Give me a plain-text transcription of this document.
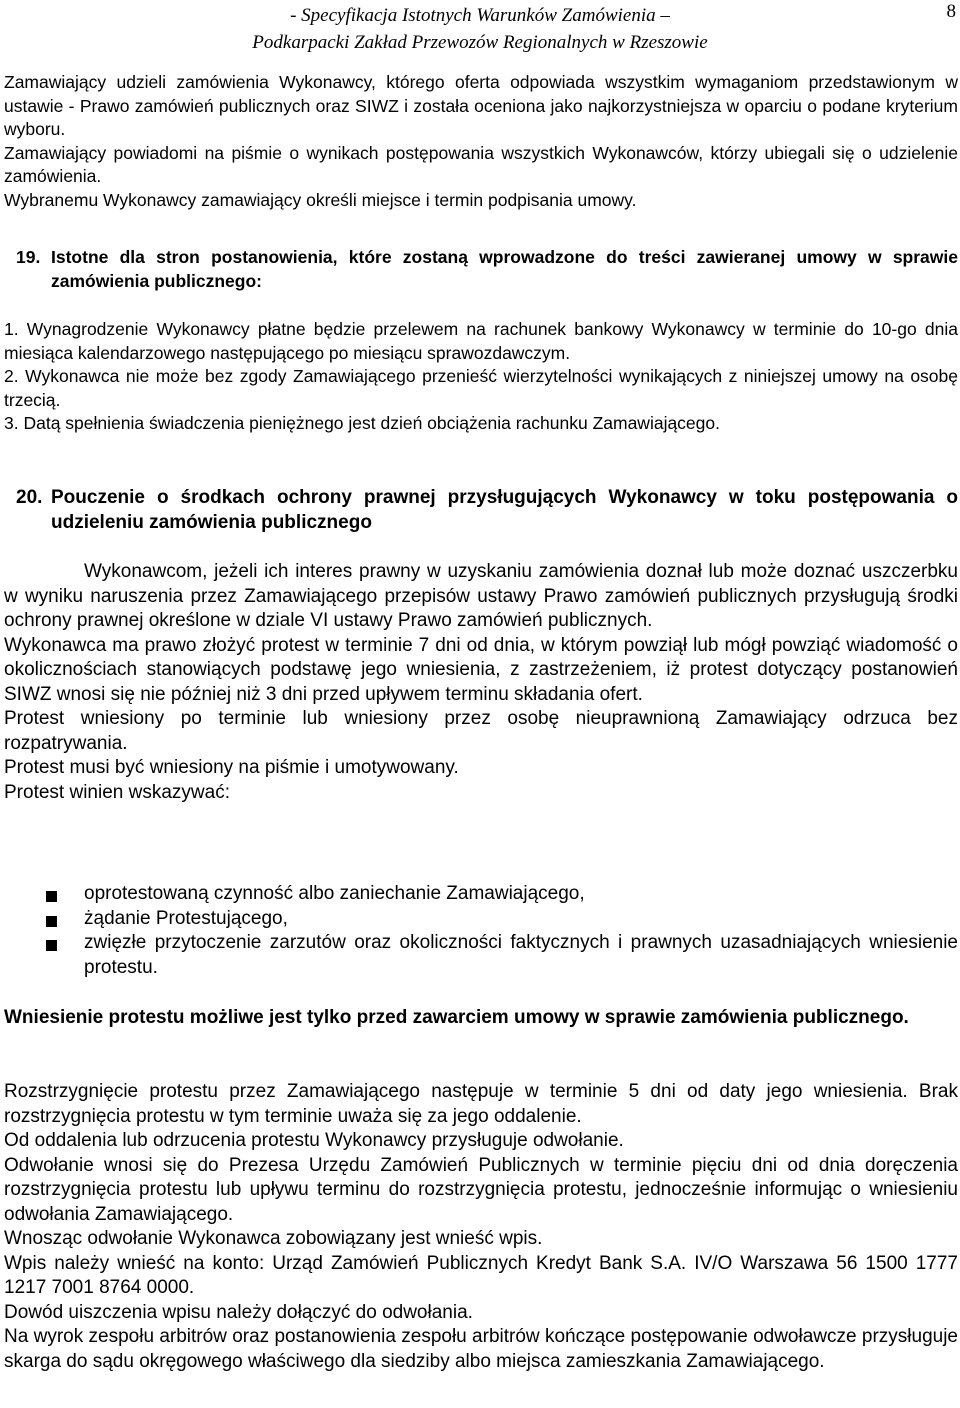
- Specyfikacja Istotnych Warunków Zamówienia –
Podkarpacki Zakład Przewozów Regionalnych w Rzeszowie
8

Zamawiający udzieli zamówienia Wykonawcy, którego oferta odpowiada wszystkim wymaganiom przedstawionym w ustawie - Prawo zamówień publicznych oraz SIWZ i została oceniona jako najkorzystniejsza w oparciu o podane kryterium wyboru.

Zamawiający powiadomi na piśmie o wynikach postępowania wszystkich Wykonawców, którzy ubiegali się o udzielenie zamówienia.

Wybranemu Wykonawcy zamawiający określi miejsce i termin podpisania umowy.

19. Istotne dla stron postanowienia, które zostaną wprowadzone do treści zawieranej umowy w sprawie zamówienia publicznego:

1. Wynagrodzenie Wykonawcy płatne będzie przelewem na rachunek bankowy Wykonawcy w terminie do 10-go dnia miesiąca kalendarzowego następującego po miesiącu sprawozdawczym.

2. Wykonawca nie może bez zgody Zamawiającego przenieść wierzytelności wynikających z niniejszej umowy na osobę trzecią.

3. Datą spełnienia świadczenia pieniężnego jest dzień obciążenia rachunku Zamawiającego.

20. Pouczenie o środkach ochrony prawnej przysługujących Wykonawcy w toku postępowania o udzieleniu zamówienia publicznego

Wykonawcom, jeżeli ich interes prawny w uzyskaniu zamówienia doznał lub może doznać uszczerbku w wyniku naruszenia przez Zamawiającego przepisów ustawy Prawo zamówień publicznych przysługują środki ochrony prawnej określone w dziale VI ustawy Prawo zamówień publicznych.

Wykonawca ma prawo złożyć protest w terminie 7 dni od dnia, w którym powziął lub mógł powziąć wiadomość o okolicznościach stanowiących podstawę jego wniesienia, z zastrzeżeniem, iż protest dotyczący postanowień SIWZ wnosi się nie później niż 3 dni przed upływem terminu składania ofert.

Protest wniesiony po terminie lub wniesiony przez osobę nieuprawnioną Zamawiający odrzuca bez rozpatrywania.

Protest musi być wniesiony na piśmie i umotywowany.

Protest winien wskazywać:

oprotestowaną czynność albo zaniechanie Zamawiającego,
żądanie Protestującego,
zwięzłe przytoczenie zarzutów oraz okoliczności faktycznych i prawnych uzasadniających wniesienie protestu.

Wniesienie protestu możliwe jest tylko przed zawarciem umowy w sprawie zamówienia publicznego.

Rozstrzygnięcie protestu przez Zamawiającego następuje w terminie 5 dni od daty jego wniesienia. Brak rozstrzygnięcia protestu w tym terminie uważa się za jego oddalenie.

Od oddalenia lub odrzucenia protestu Wykonawcy przysługuje odwołanie.

Odwołanie wnosi się do Prezesa Urzędu Zamówień Publicznych w terminie pięciu dni od dnia doręczenia rozstrzygnięcia protestu lub upływu terminu do rozstrzygnięcia protestu, jednocześnie informując o wniesieniu odwołania Zamawiającego.

Wnosząc odwołanie Wykonawca zobowiązany jest wnieść wpis.

Wpis należy wnieść na konto: Urząd Zamówień Publicznych Kredyt Bank S.A. IV/O Warszawa 56 1500 1777 1217 7001 8764 0000.

Dowód uiszczenia wpisu należy dołączyć do odwołania.

Na wyrok zespołu arbitrów oraz postanowienia zespołu arbitrów kończące postępowanie odwoławcze przysługuje skarga do sądu okręgowego właściwego dla siedziby albo miejsca zamieszkania Zamawiającego.
